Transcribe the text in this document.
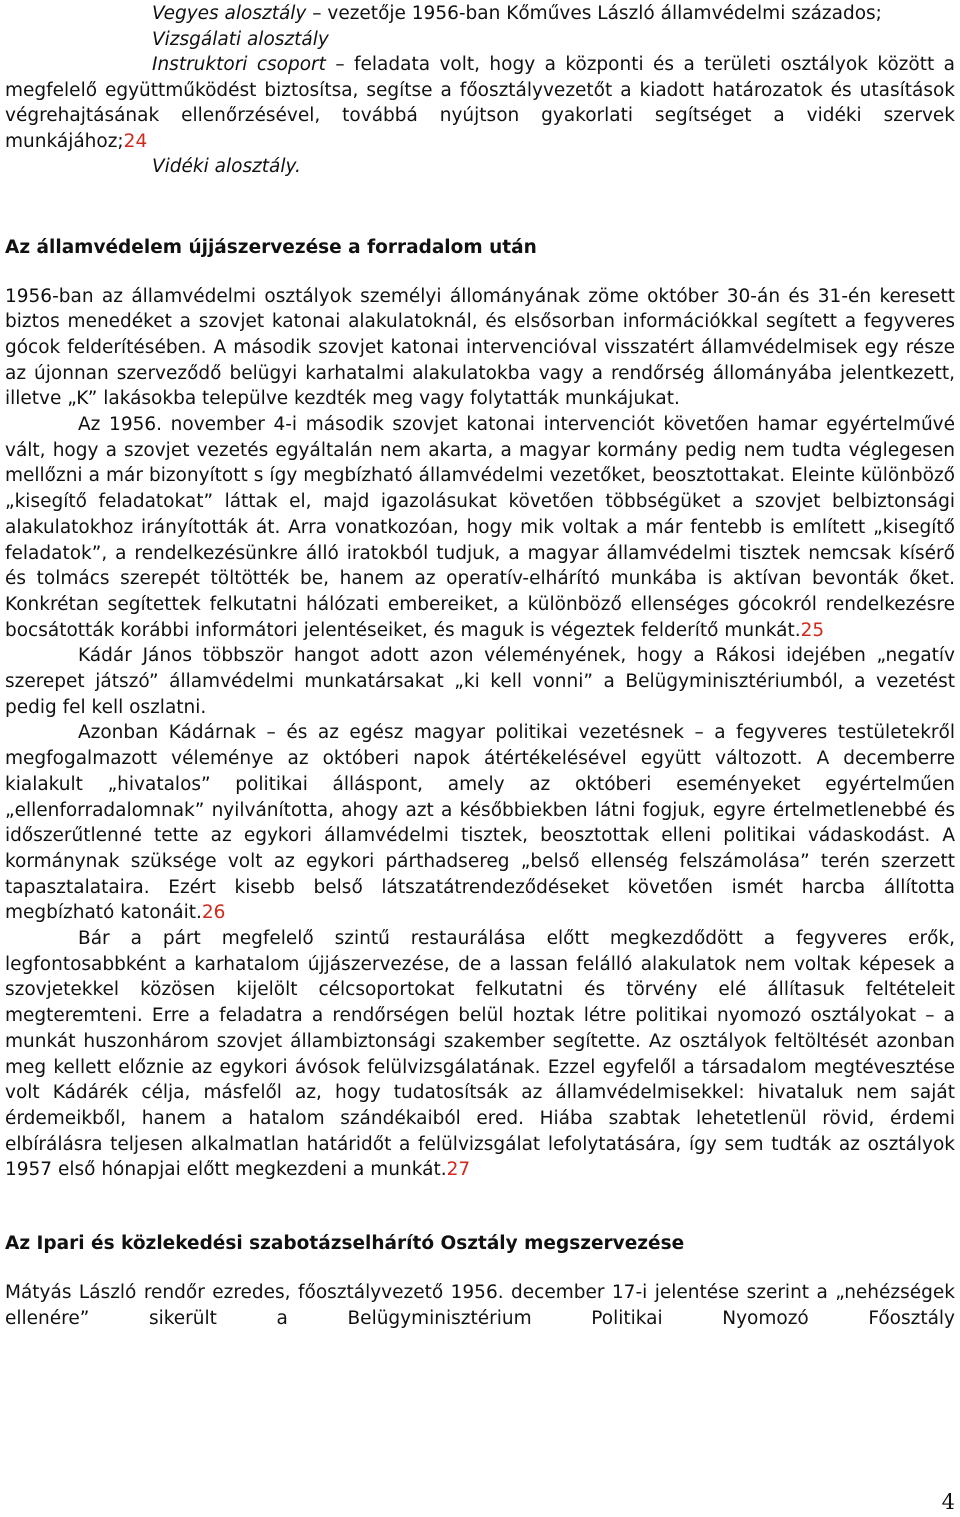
Vegyes alosztály – vezetője 1956-ban Kőműves László államvédelmi százados;
Vizsgálati alosztály
Instruktori csoport – feladata volt, hogy a központi és a területi osztályok között a megfelelő együttműködést biztosítsa, segítse a főosztályvezetőt a kiadott határozatok és utasítások végrehajtásának ellenőrzésével, továbbá nyújtson gyakorlati segítséget a vidéki szervek munkájához;24
Vidéki alosztály.
Az államvédelem újjászervezése a forradalom után

1956-ban az államvédelmi osztályok személyi állományának zöme október 30-án és 31-én keresett biztos menedéket a szovjet katonai alakulatoknál, és elsősorban információkkal segített a fegyveres gócok felderítésében. A második szovjet katonai intervencióval visszatért államvédelmisek egy része az újonnan szerveződő belügyi karhatalmi alakulatokba vagy a rendőrség állományába jelentkezett, illetve „K” lakásokba települve kezdték meg vagy folytatták munkájukat.

Az 1956. november 4-i második szovjet katonai intervenciót követően hamar egyértelművé vált, hogy a szovjet vezetés egyáltalán nem akarta, a magyar kormány pedig nem tudta véglegesen mellőzni a már bizonyított s így megbízható államvédelmi vezetőket, beosztottakat. Eleinte különböző „kisegítő feladatokat” láttak el, majd igazolásukat követően többségüket a szovjet belbiztonsági alakulatokhoz irányították át. Arra vonatkozóan, hogy mik voltak a már fentebb is említett „kisegítő feladatok”, a rendelkezésünkre álló iratokból tudjuk, a magyar államvédelmi tisztek nemcsak kísérő és tolmács szerepét töltötték be, hanem az operatív-elhárító munkába is aktívan bevonták őket. Konkrétan segítettek felkutatni hálózati embereiket, a különböző ellenséges gócokról rendelkezésre bocsátották korábbi informátori jelentéseiket, és maguk is végeztek felderítő munkát.25

Kádár János többször hangot adott azon véleményének, hogy a Rákosi idejében „negatív szerepet játszó” államvédelmi munkatársakat „ki kell vonni” a Belügyminisztériumból, a vezetést pedig fel kell oszlatni.

Azonban Kádárnak – és az egész magyar politikai vezetésnek – a fegyveres testületekről megfogalmazott véleménye az októberi napok átértékelésével együtt változott. A decemberre kialakult „hivatalos” politikai álláspont, amely az októberi eseményeket egyértelműen „ellenforradalomnak” nyilvánította, ahogy azt a későbbiekben látni fogjuk, egyre értelmetlenebbé és időszerűtlenné tette az egykori államvédelmi tisztek, beosztottak elleni politikai vádaskodást. A kormánynak szüksége volt az egykori párthadsereg „belső ellenség felszámolása” terén szerzett tapasztalataira. Ezért kisebb belső látszatátrendeződéseket követően ismét harcba állította megbízható katonáit.26

Bár a párt megfelelő szintű restaurálása előtt megkezdődött a fegyveres erők, legfontosabbként a karhatalom újjászervezése, de a lassan felálló alakulatok nem voltak képesek a szovjetekkel közösen kijelölt célcsoportokat felkutatni és törvény elé állítasuk feltételeit megteremteni. Erre a feladatra a rendőrségen belül hoztak létre politikai nyomozó osztályokat – a munkát huszonhárom szovjet állambiztonsági szakember segítette. Az osztályok feltöltését azonban meg kellett előznie az egykori ávósok felülvizsgálatának. Ezzel egyfelől a társadalom megtévesztése volt Kádárék célja, másfelől az, hogy tudatosítsák az államvédelmisekkel: hivataluk nem saját érdemeikből, hanem a hatalom szándékaiból ered. Hiába szabtak lehetetlenül rövid, érdemi elbírálásra teljesen alkalmatlan határidőt a felülvizsgálat lefolytatására, így sem tudták az osztályok 1957 első hónapjai előtt megkezdeni a munkát.27

Az Ipari és közlekedési szabotázselhárító Osztály megszervezése

Mátyás László rendőr ezredes, főosztályvezető 1956. december 17-i jelentése szerint a „nehézségek ellenére” sikerült a Belügyminisztérium Politikai Nyomozó Főosztály

4
